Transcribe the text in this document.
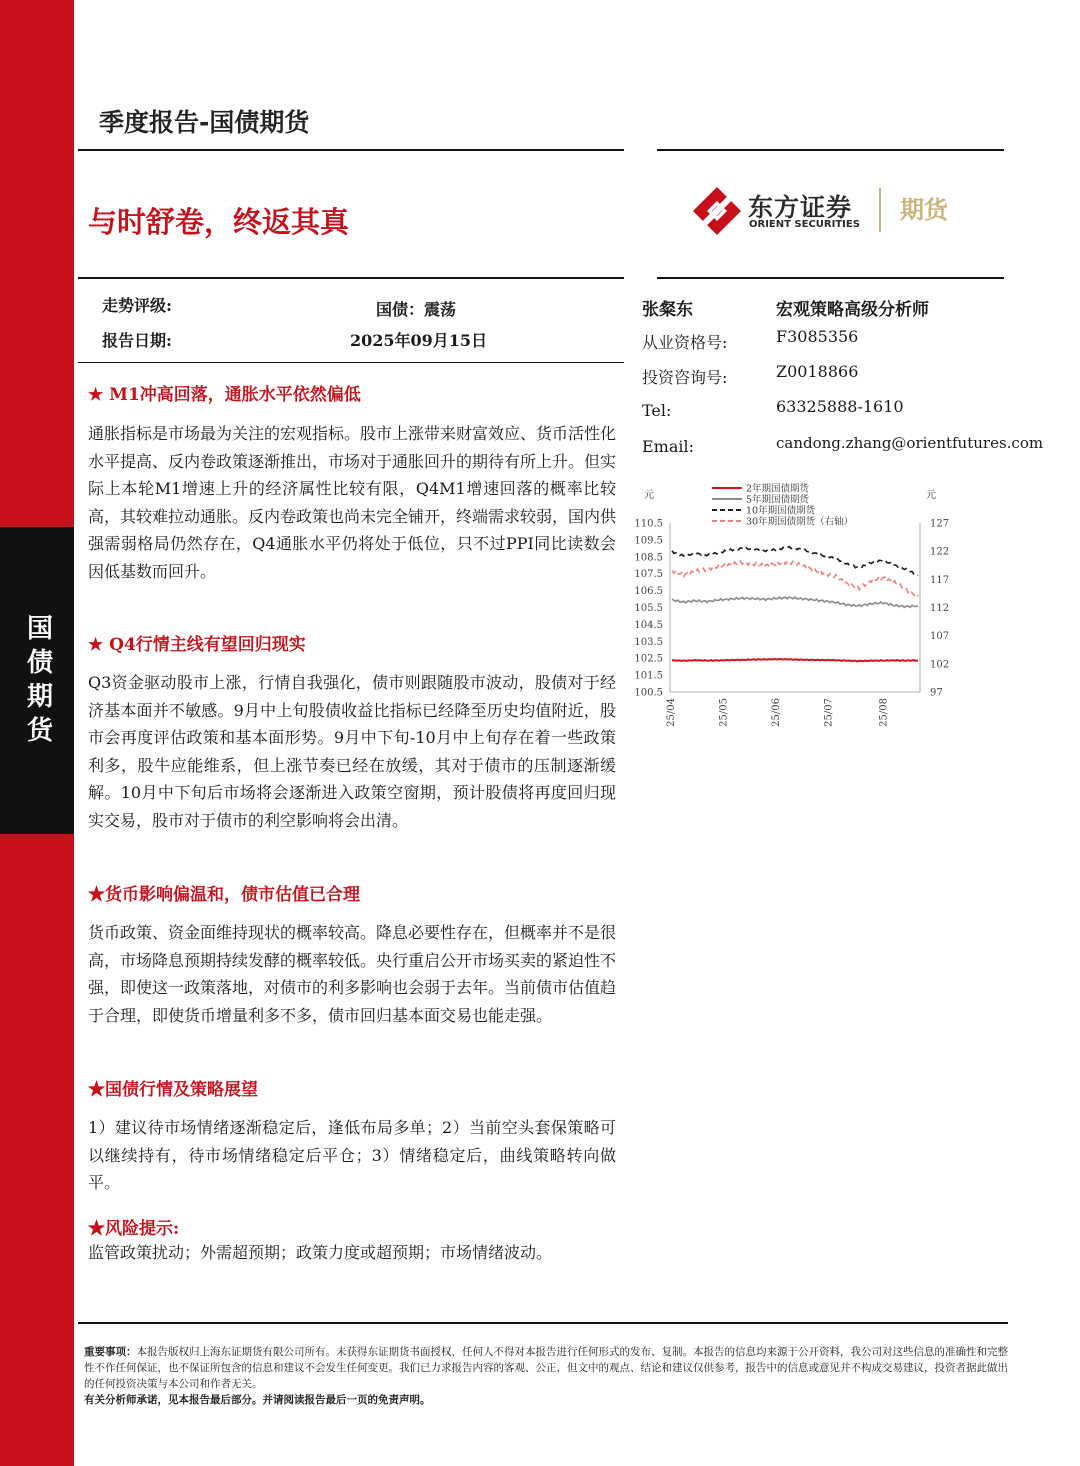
国债期货
季度报告-国债期货
与时舒卷，终返其真	东方证券
ORIENT SECURITIES
期货
走势评级:	国债：震荡
报告日期:	2025年09月15日
张粲东	宏观策略高级分析师
从业资格号:	F3085356
投资咨询号:	Z0018866
Tel:	63325888-1610
Email:	candong.zhang@orientfutures.com
2年期国债期货
5年期国债期货
10年期国债期货
30年期国债期货（右轴）
元	元
100.5
101.5
102.5
103.5
104.5
105.5
106.5
107.5
108.5
109.5
110.5
97
102
107
112
117
122
127
25/04	25/05	25/06	25/07	25/08
★ M1冲高回落，通胀水平依然偏低

通胀指标是市场最为关注的宏观指标。股市上涨带来财富效应、货币活性化水平提高、反内卷政策逐渐推出，市场对于通胀回升的期待有所上升。但实际上本轮M1增速上升的经济属性比较有限，Q4M1增速回落的概率比较高，其较难拉动通胀。反内卷政策也尚未完全铺开，终端需求较弱，国内供强需弱格局仍然存在，Q4通胀水平仍将处于低位，只不过PPI同比读数会因低基数而回升。

★ Q4行情主线有望回归现实

Q3资金驱动股市上涨，行情自我强化，债市则跟随股市波动，股债对于经济基本面并不敏感。9月中上旬股债收益比指标已经降至历史均值附近，股市会再度评估政策和基本面形势。9月中下旬-10月中上旬存在着一些政策利多，股牛应能维系，但上涨节奏已经在放缓，其对于债市的压制逐渐缓解。10月中下旬后市场将会逐渐进入政策空窗期，预计股债将再度回归现实交易，股市对于债市的利空影响将会出清。

★货币影响偏温和，债市估值已合理

货币政策、资金面维持现状的概率较高。降息必要性存在，但概率并不是很高，市场降息预期持续发酵的概率较低。央行重启公开市场买卖的紧迫性不强，即使这一政策落地，对债市的利多影响也会弱于去年。当前债市估值趋于合理，即使货币增量利多不多，债市回归基本面交易也能走强。

★国债行情及策略展望

1）建议待市场情绪逐渐稳定后，逢低布局多单；2）当前空头套保策略可以继续持有，待市场情绪稳定后平仓；3）情绪稳定后，曲线策略转向做平。

★风险提示:

监管政策扰动；外需超预期；政策力度或超预期；市场情绪波动。

重要事项：本报告版权归上海东证期货有限公司所有。未获得东证期货书面授权，任何人不得对本报告进行任何形式的发布、复制。本报告的信息均来源于公开资料，我公司对这些信息的准确性和完整性不作任何保证，也不保证所包含的信息和建议不会发生任何变更。我们已力求报告内容的客观、公正，但文中的观点、结论和建议仅供参考，报告中的信息或意见并不构成交易建议，投资者据此做出的任何投资决策与本公司和作者无关。
有关分析师承诺，见本报告最后部分。并请阅读报告最后一页的免责声明。
